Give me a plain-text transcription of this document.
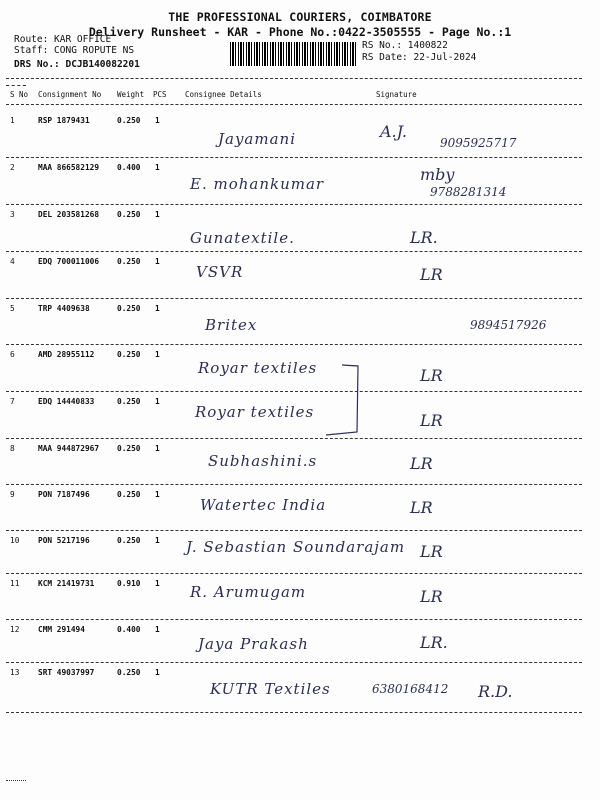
THE PROFESSIONAL COURIERS, COIMBATORE
Delivery Runsheet - KAR - Phone No.:0422-3505555 - Page No.:1
Route: KAR OFFICE
Staff: CONG ROPUTE NS
DRS No.: DCJB140082201
RS No.: 1400822
RS Date: 22-Jul-2024
S No Consignment No Weight PCS Consignee Details	Signature
1	RSP 1879431	0.250 1
Jayamani	A.J.
9095925717
2	MAA 866582129 0.400 1
E. mohankumar	mby
9788281314
3	DEL 203581268 0.250 1
Gunatextile.	LR.
4	EDQ 700011006 0.250 1
VSVR	LR
5	TRP 4409638	0.250 1
Britex	9894517926
6	AMD 28955112	0.250 1
Royar textiles	LR
7	EDQ 14440833	0.250 1
Royar textiles	LR
8	MAA 944872967 0.250 1
Subhashini.s	LR
9	PON 7187496	0.250 1
Watertec India	LR
10 PON 5217196	0.250 1 J. Sebastian Soundarajam LR
11 KCM 21419731	0.910 1 R. Arumugam	LR
12 CMM 291494	0.400 1
Jaya Prakash	LR.
13 SRT 49037997	0.250 1
KUTR Textiles	R.D.
6380168412
